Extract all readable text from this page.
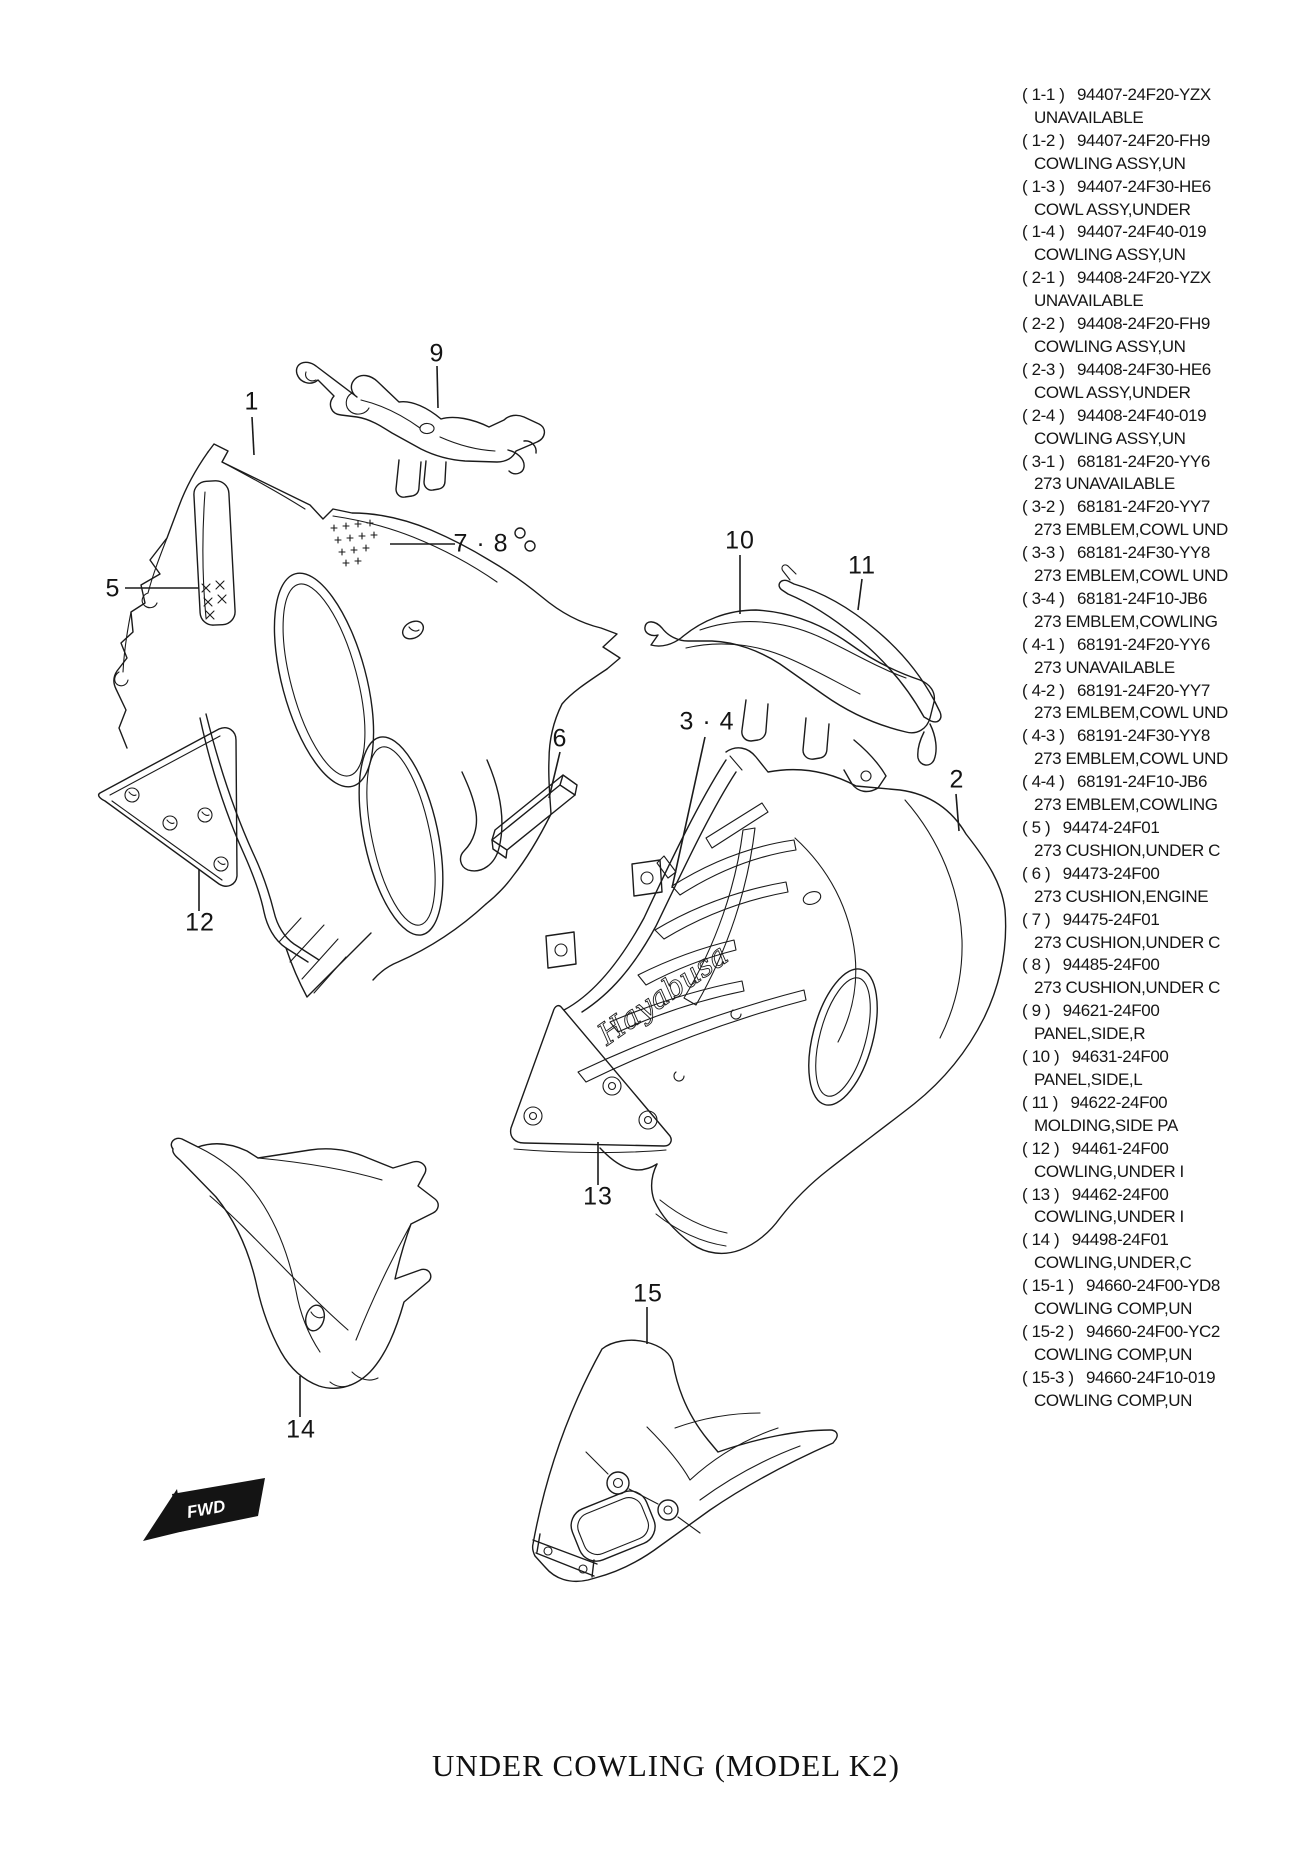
Hayabusa
FWD
1
9
7 · 8
5
10
11
3 · 4
6
2
12
13
14
15
( 1-1 )  94407-24F20-YZX
UNAVAILABLE
( 1-2 )  94407-24F20-FH9
COWLING ASSY,UN
( 1-3 )  94407-24F30-HE6
COWL ASSY,UNDER
( 1-4 )  94407-24F40-019
COWLING ASSY,UN
( 2-1 )  94408-24F20-YZX
UNAVAILABLE
( 2-2 )  94408-24F20-FH9
COWLING ASSY,UN
( 2-3 )  94408-24F30-HE6
COWL ASSY,UNDER
( 2-4 )  94408-24F40-019
COWLING ASSY,UN
( 3-1 )  68181-24F20-YY6
273 UNAVAILABLE
( 3-2 )  68181-24F20-YY7
273 EMBLEM,COWL UND
( 3-3 )  68181-24F30-YY8
273 EMBLEM,COWL UND
( 3-4 )  68181-24F10-JB6
273 EMBLEM,COWLING
( 4-1 )  68191-24F20-YY6
273 UNAVAILABLE
( 4-2 )  68191-24F20-YY7
273 EMLBEM,COWL UND
( 4-3 )  68191-24F30-YY8
273 EMBLEM,COWL UND
( 4-4 )  68191-24F10-JB6
273 EMBLEM,COWLING
( 5 )  94474-24F01
273 CUSHION,UNDER C
( 6 )  94473-24F00
273 CUSHION,ENGINE
( 7 )  94475-24F01
273 CUSHION,UNDER C
( 8 )  94485-24F00
273 CUSHION,UNDER C
( 9 )  94621-24F00
PANEL,SIDE,R
( 10 )  94631-24F00
PANEL,SIDE,L
( 11 )  94622-24F00
MOLDING,SIDE PA
( 12 )  94461-24F00
COWLING,UNDER I
( 13 )  94462-24F00
COWLING,UNDER I
( 14 )  94498-24F01
COWLING,UNDER,C
( 15-1 )  94660-24F00-YD8
COWLING COMP,UN
( 15-2 )  94660-24F00-YC2
COWLING COMP,UN
( 15-3 )  94660-24F10-019
COWLING COMP,UN
UNDER COWLING (MODEL K2)
